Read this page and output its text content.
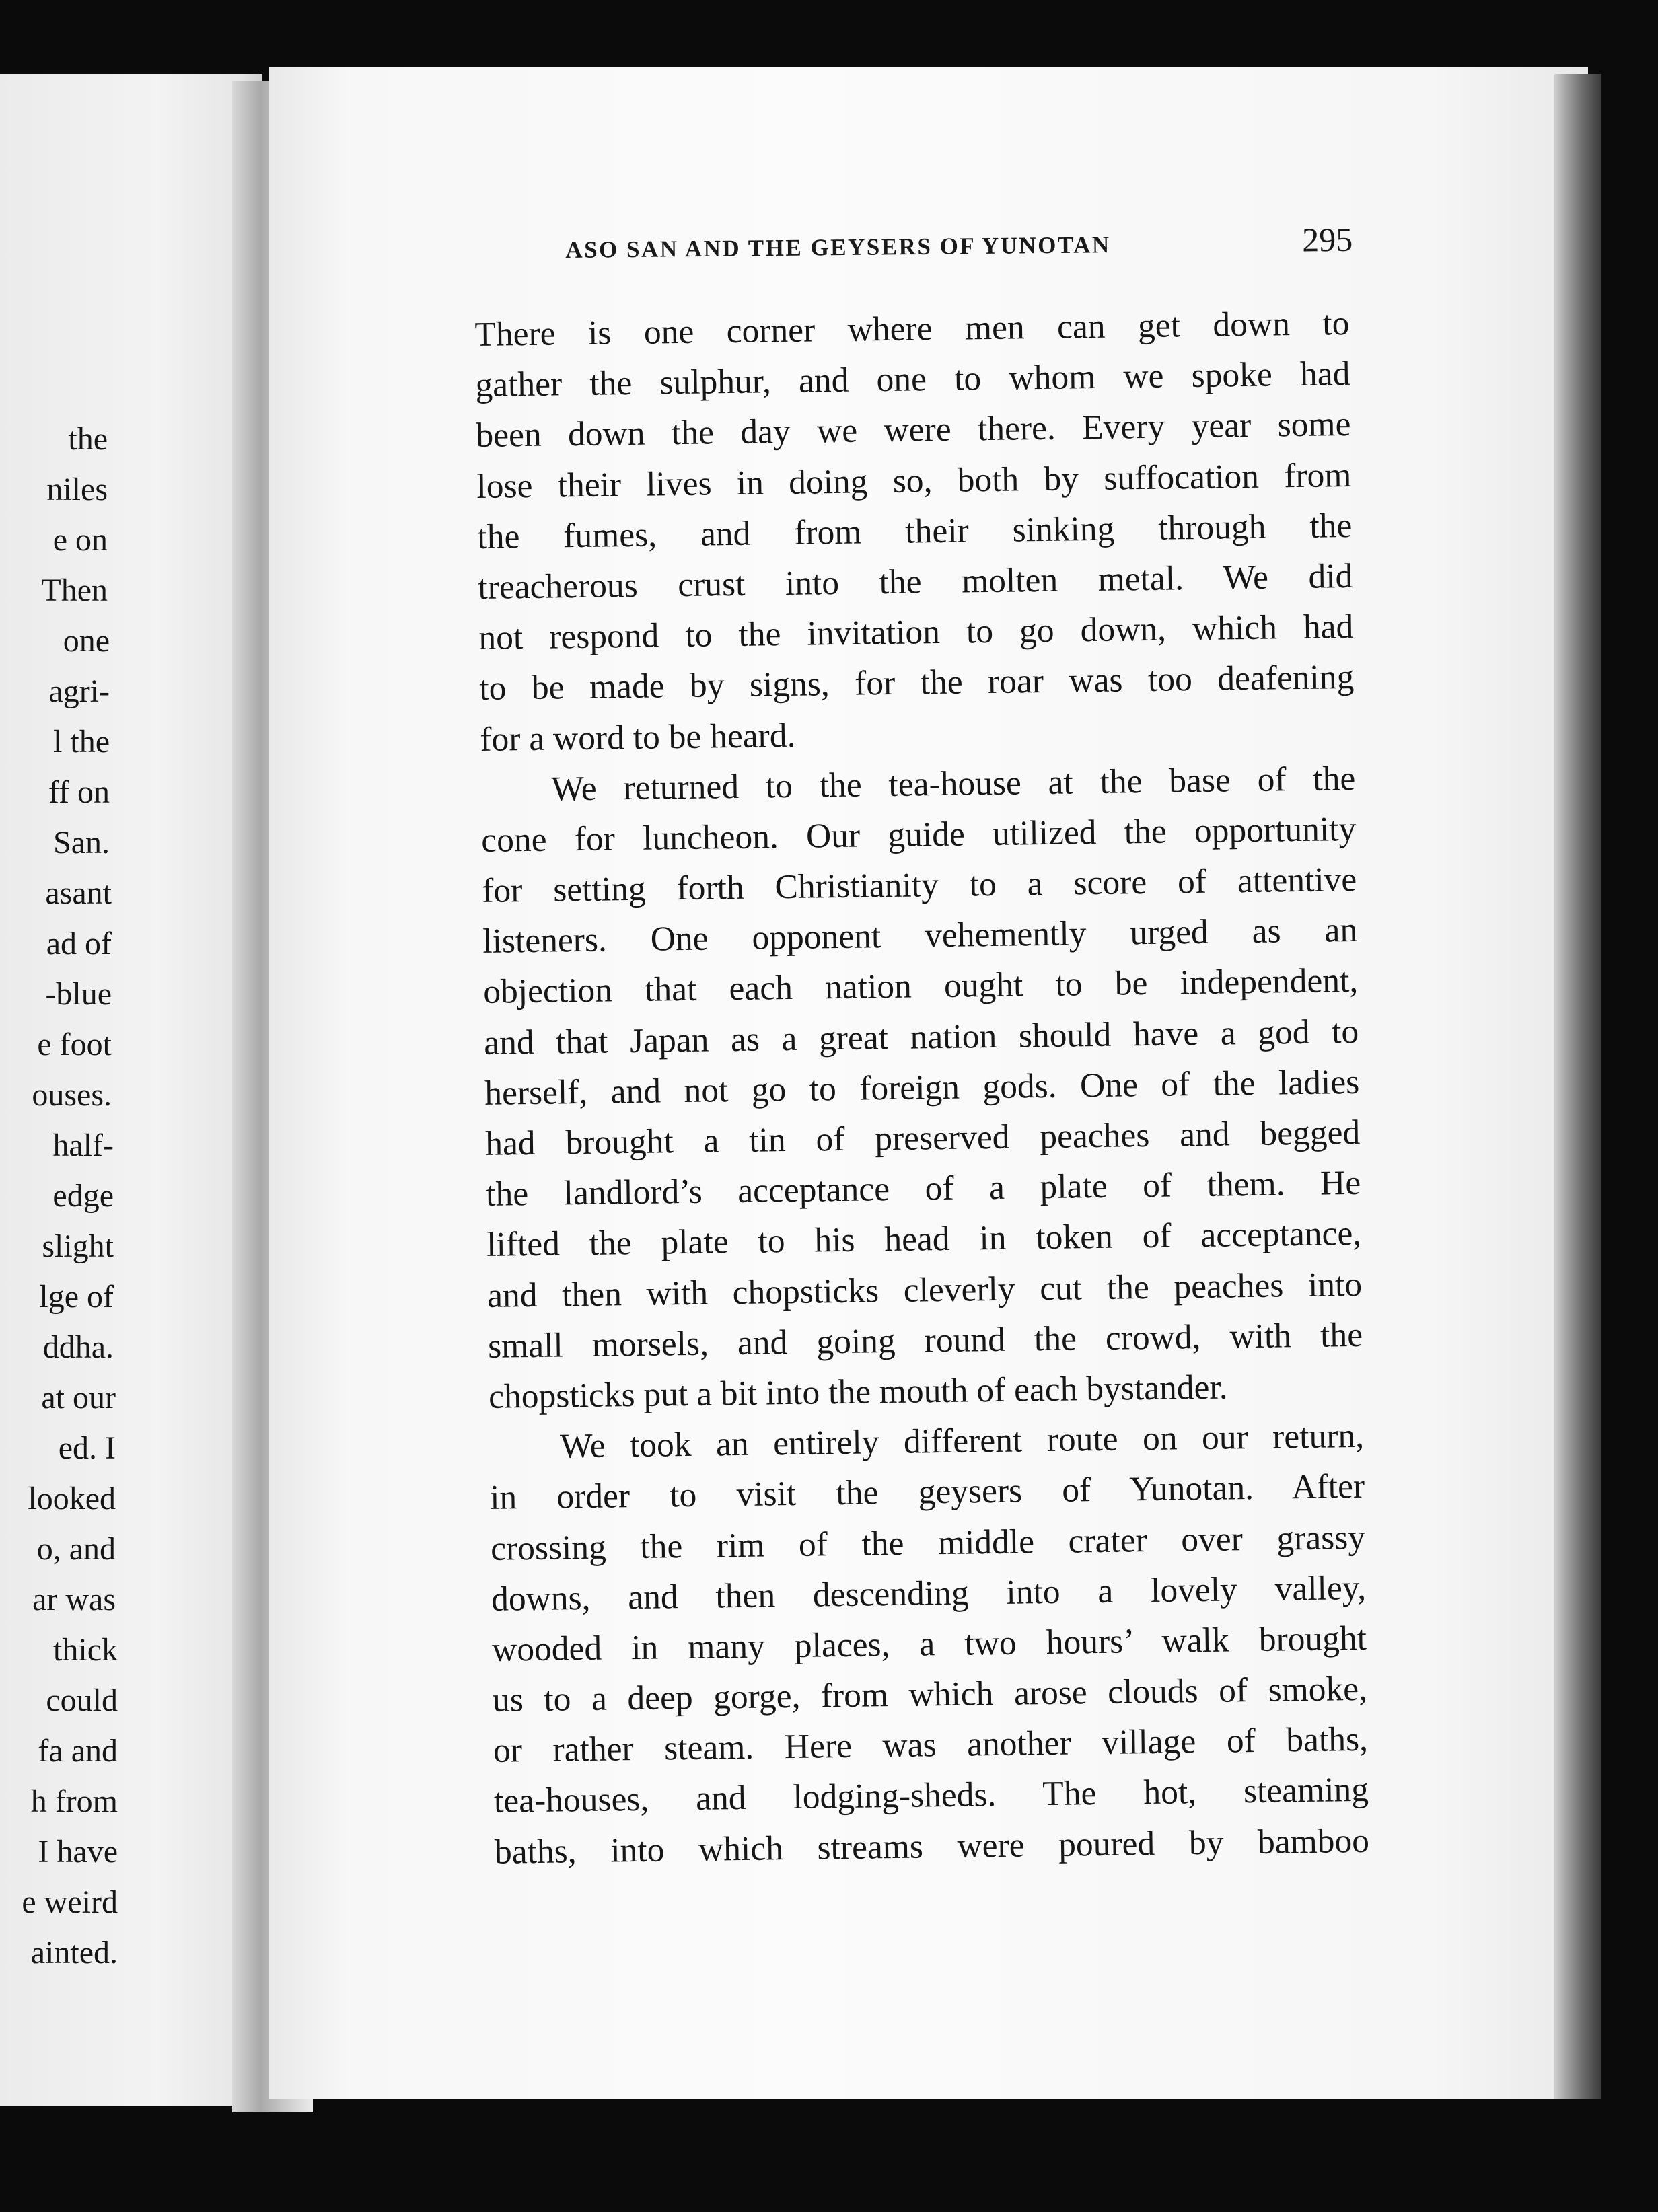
the
niles
e on
Then
one
agri-
l the
ff on
San.
asant
ad of
-blue
e foot
ouses.
half-
edge
slight
lge of
ddha.
at our
ed. I
looked
o, and
ar was
thick
could
fa and
h from
I have
e weird
ainted.
ASO SAN AND THE GEYSERS OF YUNOTAN	295
There is one corner where men can get down to
gather the sulphur, and one to whom we spoke had
been down the day we were there. Every year some
lose their lives in doing so, both by suffocation from
the fumes, and from their sinking through the
treacherous crust into the molten metal. We did
not respond to the invitation to go down, which had
to be made by signs, for the roar was too deafening
for a word to be heard.
We returned to the tea-house at the base of the
cone for luncheon. Our guide utilized the opportunity
for setting forth Christianity to a score of attentive
listeners. One opponent vehemently urged as an
objection that each nation ought to be independent,
and that Japan as a great nation should have a god to
herself, and not go to foreign gods. One of the ladies
had brought a tin of preserved peaches and begged
the landlord’s acceptance of a plate of them. He
lifted the plate to his head in token of acceptance,
and then with chopsticks cleverly cut the peaches into
small morsels, and going round the crowd, with the
chopsticks put a bit into the mouth of each bystander.
We took an entirely different route on our return,
in order to visit the geysers of Yunotan. After
crossing the rim of the middle crater over grassy
downs, and then descending into a lovely valley,
wooded in many places, a two hours’ walk brought
us to a deep gorge, from which arose clouds of smoke,
or rather steam. Here was another village of baths,
tea-houses, and lodging-sheds. The hot, steaming
baths, into which streams were poured by bamboo
